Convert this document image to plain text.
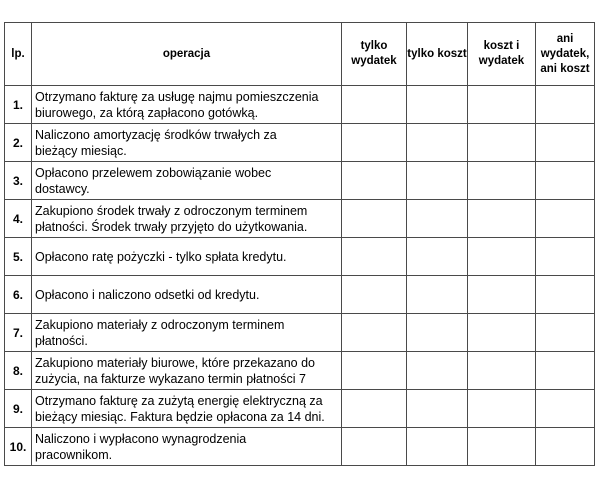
lp.	operacja	tylko wydatek	tylko koszt	koszt i wydatek	ani wydatek, ani koszt
1.	Otrzymano fakturę za usługę najmu pomieszczenia
biurowego, za którą zapłacono gotówką.				
2.	Naliczono amortyzację środków trwałych za
bieżący miesiąc.				
3.	Opłacono przelewem zobowiązanie wobec
dostawcy.				
4.	Zakupiono środek trwały z odroczonym terminem
płatności. Środek trwały przyjęto do użytkowania.				
5.	Opłacono ratę pożyczki - tylko spłata kredytu.				
6.	Opłacono i naliczono odsetki od kredytu.				
7.	Zakupiono materiały z odroczonym terminem
płatności.				
8.	Zakupiono materiały biurowe, które przekazano do
zużycia, na fakturze wykazano termin płatności 7				
9.	Otrzymano fakturę za zużytą energię elektryczną za
bieżący miesiąc. Faktura będzie opłacona za 14 dni.				
10.	Naliczono i wypłacono wynagrodzenia
pracownikom.				
